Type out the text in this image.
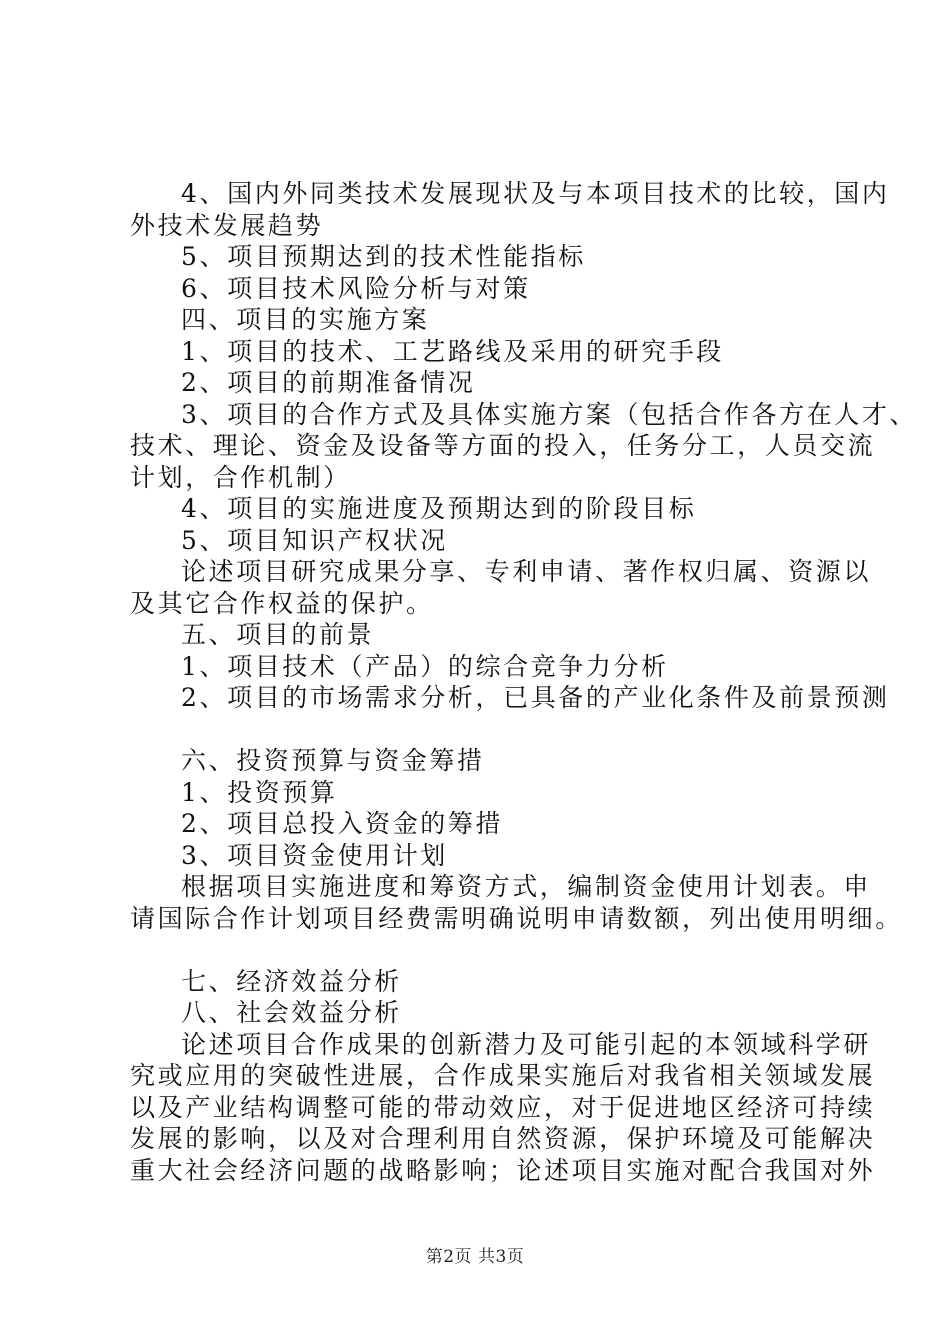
4、国内外同类技术发展现状及与本项目技术的比较，国内
外技术发展趋势
5、项目预期达到的技术性能指标
6、项目技术风险分析与对策
四、项目的实施方案
1、项目的技术、工艺路线及采用的研究手段
2、项目的前期准备情况
3、项目的合作方式及具体实施方案（包括合作各方在人才、
技术、理论、资金及设备等方面的投入，任务分工，人员交流
计划，合作机制）
4、项目的实施进度及预期达到的阶段目标
5、项目知识产权状况
论述项目研究成果分享、专利申请、著作权归属、资源以
及其它合作权益的保护。
五、项目的前景
1、项目技术（产品）的综合竞争力分析
2、项目的市场需求分析，已具备的产业化条件及前景预测
六、投资预算与资金筹措
1、投资预算
2、项目总投入资金的筹措
3、项目资金使用计划
根据项目实施进度和筹资方式，编制资金使用计划表。申
请国际合作计划项目经费需明确说明申请数额，列出使用明细。
七、经济效益分析
八、社会效益分析
论述项目合作成果的创新潜力及可能引起的本领域科学研
究或应用的突破性进展，合作成果实施后对我省相关领域发展
以及产业结构调整可能的带动效应，对于促进地区经济可持续
发展的影响，以及对合理利用自然资源，保护环境及可能解决
重大社会经济问题的战略影响；论述项目实施对配合我国对外
第2页 共3页
